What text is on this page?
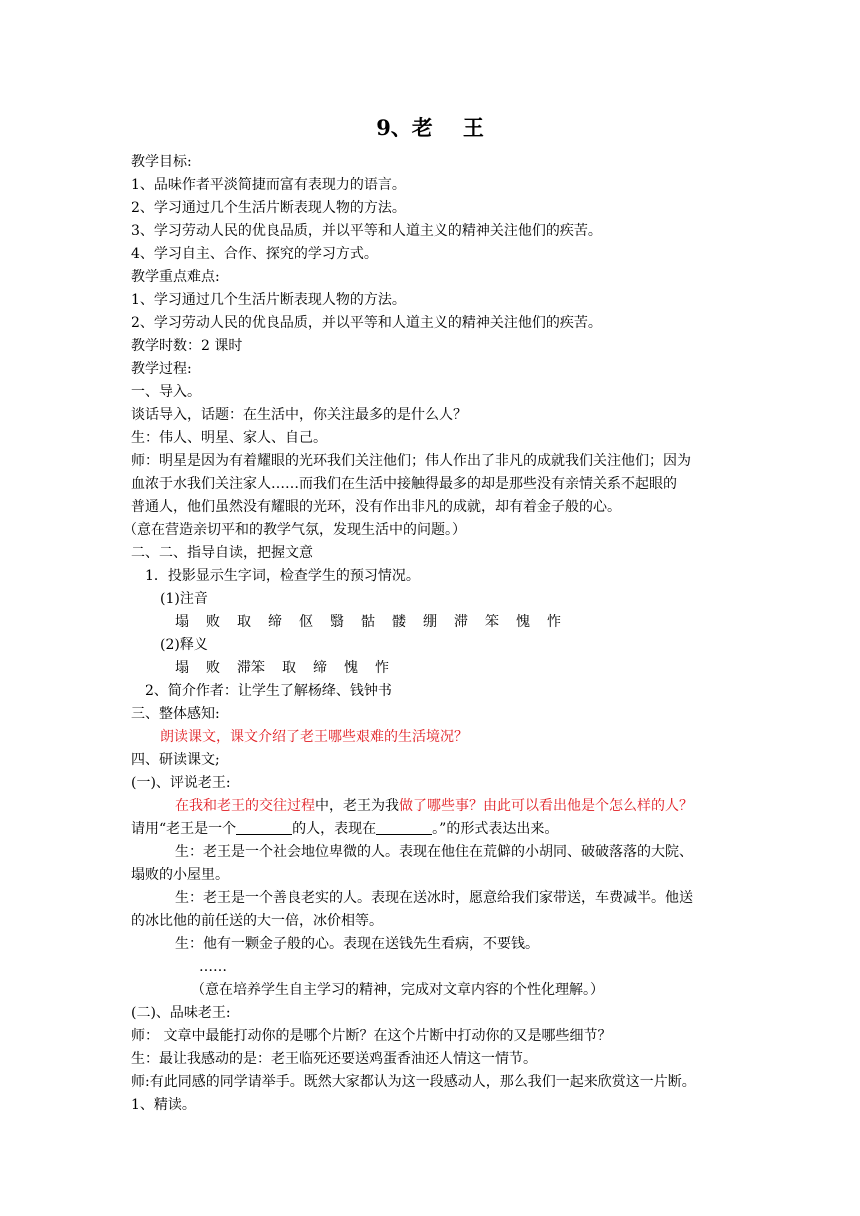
9、老 王
教学目标:
1、品味作者平淡简捷而富有表现力的语言。
2、学习通过几个生活片断表现人物的方法。
3、学习劳动人民的优良品质，并以平等和人道主义的精神关注他们的疾苦。
4、学习自主、合作、探究的学习方式。
教学重点难点:
1、学习通过几个生活片断表现人物的方法。
2、学习劳动人民的优良品质，并以平等和人道主义的精神关注他们的疾苦。
教学时数：2 课时
教学过程:
一、导入。
谈话导入，话题：在生活中，你关注最多的是什么人？
生：伟人、明星、家人、自己。
师：明星是因为有着耀眼的光环我们关注他们；伟人作出了非凡的成就我们关注他们；因为
血浓于水我们关注家人……而我们在生活中接触得最多的却是那些没有亲情关系不起眼的
普通人，他们虽然没有耀眼的光环，没有作出非凡的成就，却有着金子般的心。
（意在营造亲切平和的教学气氛，发现生活中的问题。）
二、二、指导自读，把握文意
1．投影显示生字词，检查学生的预习情况。
(1)注音
塌 败 取 缔 伛 翳 骷 髅 绷 滞 笨 愧 怍
(2)释义
塌 败 滞笨 取 缔 愧 怍
2、简介作者：让学生了解杨绛、钱钟书
三、整体感知:
朗读课文，课文介绍了老王哪些艰难的生活境况？
四、研读课文;
(一)、评说老王:
在我和老王的交往过程中，老王为我做了哪些事？由此可以看出他是个怎么样的人？
请用“老王是一个	的人，表现在	。”的形式表达出来。
生：老王是一个社会地位卑微的人。表现在他住在荒僻的小胡同、破破落落的大院、
塌败的小屋里。
生：老王是一个善良老实的人。表现在送冰时，愿意给我们家带送，车费减半。他送
的冰比他的前任送的大一倍，冰价相等。
生：他有一颗金子般的心。表现在送钱先生看病，不要钱。
……
（意在培养学生自主学习的精神，完成对文章内容的个性化理解。）
(二)、品味老王:
师： 文章中最能打动你的是哪个片断？在这个片断中打动你的又是哪些细节？
生：最让我感动的是：老王临死还要送鸡蛋香油还人情这一情节。
师:有此同感的同学请举手。既然大家都认为这一段感动人，那么我们一起来欣赏这一片断。
1、精读。
